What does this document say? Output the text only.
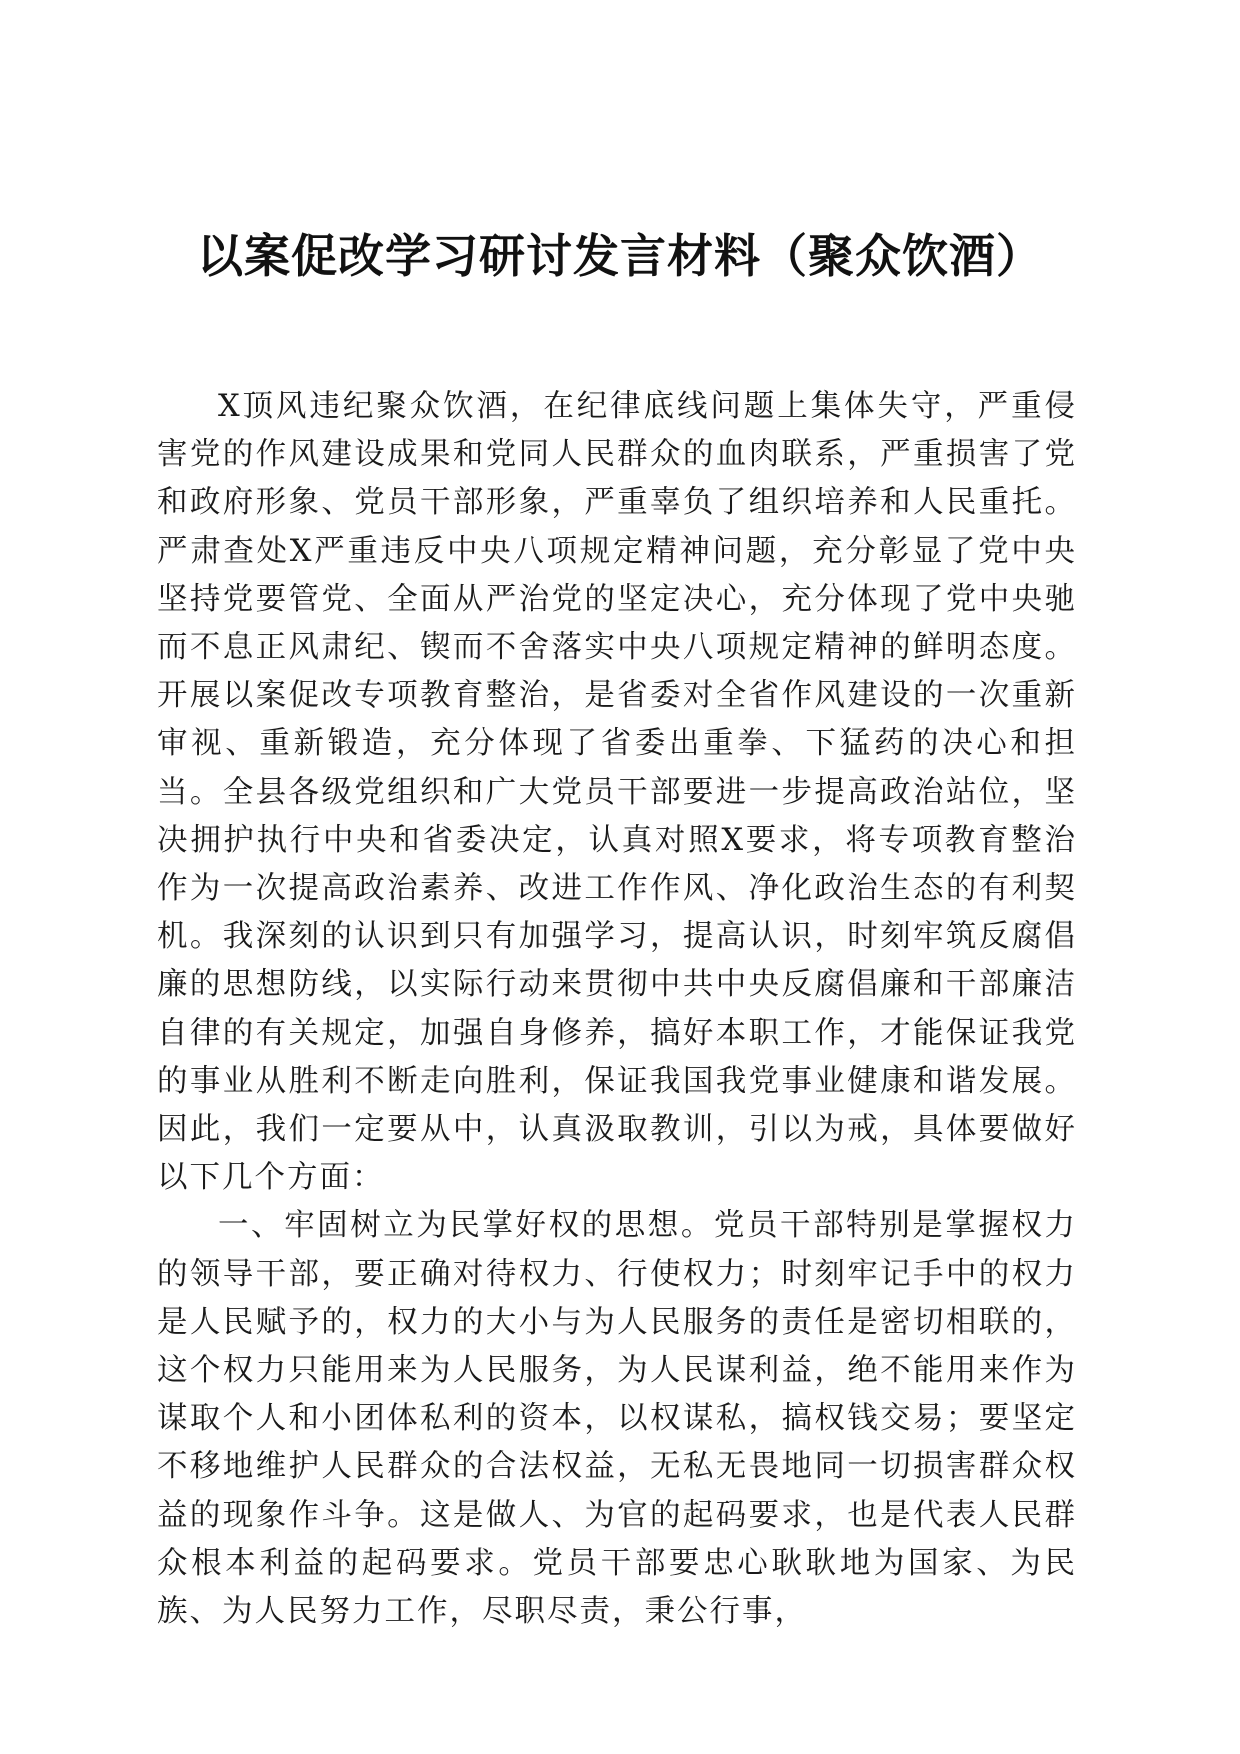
以案促改学习研讨发言材料（聚众饮酒）

X顶风违纪聚众饮酒，在纪律底线问题上集体失守，严重侵害党的作风建设成果和党同人民群众的血肉联系，严重损害了党和政府形象、党员干部形象，严重辜负了组织培养和人民重托。严肃查处X严重违反中央八项规定精神问题，充分彰显了党中央坚持党要管党、全面从严治党的坚定决心，充分体现了党中央驰而不息正风肃纪、锲而不舍落实中央八项规定精神的鲜明态度。开展以案促改专项教育整治，是省委对全省作风建设的一次重新审视、重新锻造，充分体现了省委出重拳、下猛药的决心和担当。全县各级党组织和广大党员干部要进一步提高政治站位，坚决拥护执行中央和省委决定，认真对照X要求，将专项教育整治作为一次提高政治素养、改进工作作风、净化政治生态的有利契机。我深刻的认识到只有加强学习，提高认识，时刻牢筑反腐倡廉的思想防线，以实际行动来贯彻中共中央反腐倡廉和干部廉洁自律的有关规定，加强自身修养，搞好本职工作，才能保证我党的事业从胜利不断走向胜利，保证我国我党事业健康和谐发展。因此，我们一定要从中，认真汲取教训，引以为戒，具体要做好以下几个方面：

一、牢固树立为民掌好权的思想。党员干部特别是掌握权力的领导干部，要正确对待权力、行使权力；时刻牢记手中的权力是人民赋予的，权力的大小与为人民服务的责任是密切相联的，这个权力只能用来为人民服务，为人民谋利益，绝不能用来作为谋取个人和小团体私利的资本，以权谋私，搞权钱交易；要坚定不移地维护人民群众的合法权益，无私无畏地同一切损害群众权益的现象作斗争。这是做人、为官的起码要求，也是代表人民群众根本利益的起码要求。党员干部要忠心耿耿地为国家、为民族、为人民努力工作，尽职尽责，秉公行事，
